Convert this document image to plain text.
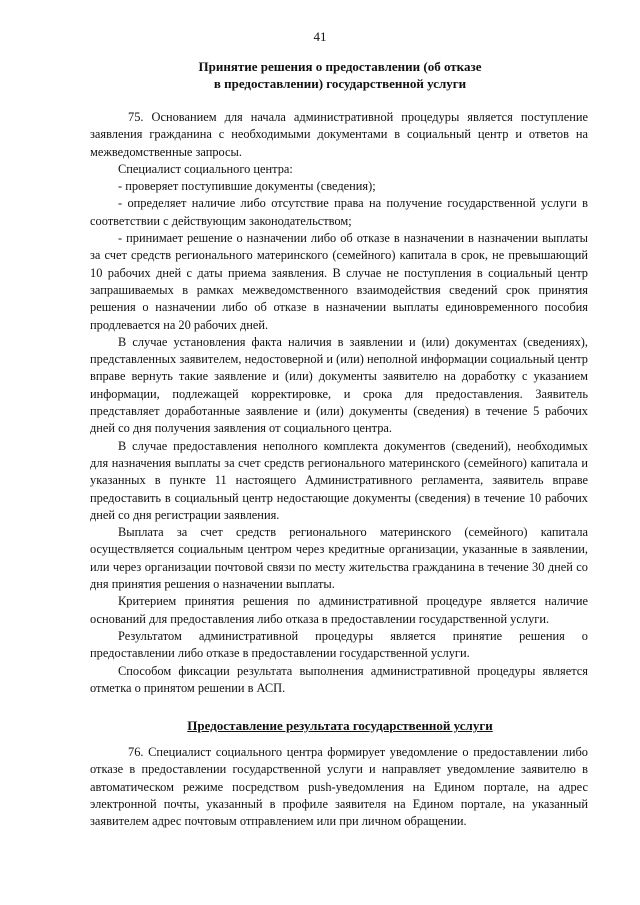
41
Принятие решения о предоставлении (об отказе
в предоставлении) государственной услуги

75. Основанием для начала административной процедуры является поступление заявления гражданина с необходимыми документами в социальный центр и ответов на межведомственные запросы.

Специалист социального центра:

- проверяет поступившие документы (сведения);

- определяет наличие либо отсутствие права на получение государственной услуги в соответствии с действующим законодательством;

- принимает решение о назначении либо об отказе в назначении в назначении выплаты за счет средств регионального материнского (семейного) капитала в срок, не превышающий 10 рабочих дней с даты приема заявления. В случае не поступления в социальный центр запрашиваемых в рамках межведомственного взаимодействия сведений срок принятия решения о назначении либо об отказе в назначении выплаты единовременного пособия продлевается на 20 рабочих дней.

В случае установления факта наличия в заявлении и (или) документах (сведениях), представленных заявителем, недостоверной и (или) неполной информации социальный центр вправе вернуть такие заявление и (или) документы заявителю на доработку с указанием информации, подлежащей корректировке, и срока для предоставления. Заявитель представляет доработанные заявление и (или) документы (сведения) в течение 5 рабочих дней со дня получения заявления от социального центра.

В случае предоставления неполного комплекта документов (сведений), необходимых для назначения выплаты за счет средств регионального материнского (семейного) капитала и указанных в пункте 11 настоящего Административного регламента, заявитель вправе предоставить в социальный центр недостающие документы (сведения) в течение 10 рабочих дней со дня регистрации заявления.

Выплата за счет средств регионального материнского (семейного) капитала осуществляется социальным центром через кредитные организации, указанные в заявлении, или через организации почтовой связи по месту жительства гражданина в течение 30 дней со дня принятия решения о назначении выплаты.

Критерием принятия решения по административной процедуре является наличие оснований для предоставления либо отказа в предоставлении государственной услуги.

Результатом административной процедуры является принятие решения о предоставлении либо отказе в предоставлении государственной услуги.

Способом фиксации результата выполнения административной процедуры является отметка о принятом решении в АСП.

Предоставление результата государственной услуги

76. Специалист социального центра формирует уведомление о предоставлении либо отказе в предоставлении государственной услуги и направляет уведомление заявителю в автоматическом режиме посредством push-уведомления на Едином портале, на адрес электронной почты, указанный в профиле заявителя на Едином портале, на указанный заявителем адрес почтовым отправлением или при личном обращении.
